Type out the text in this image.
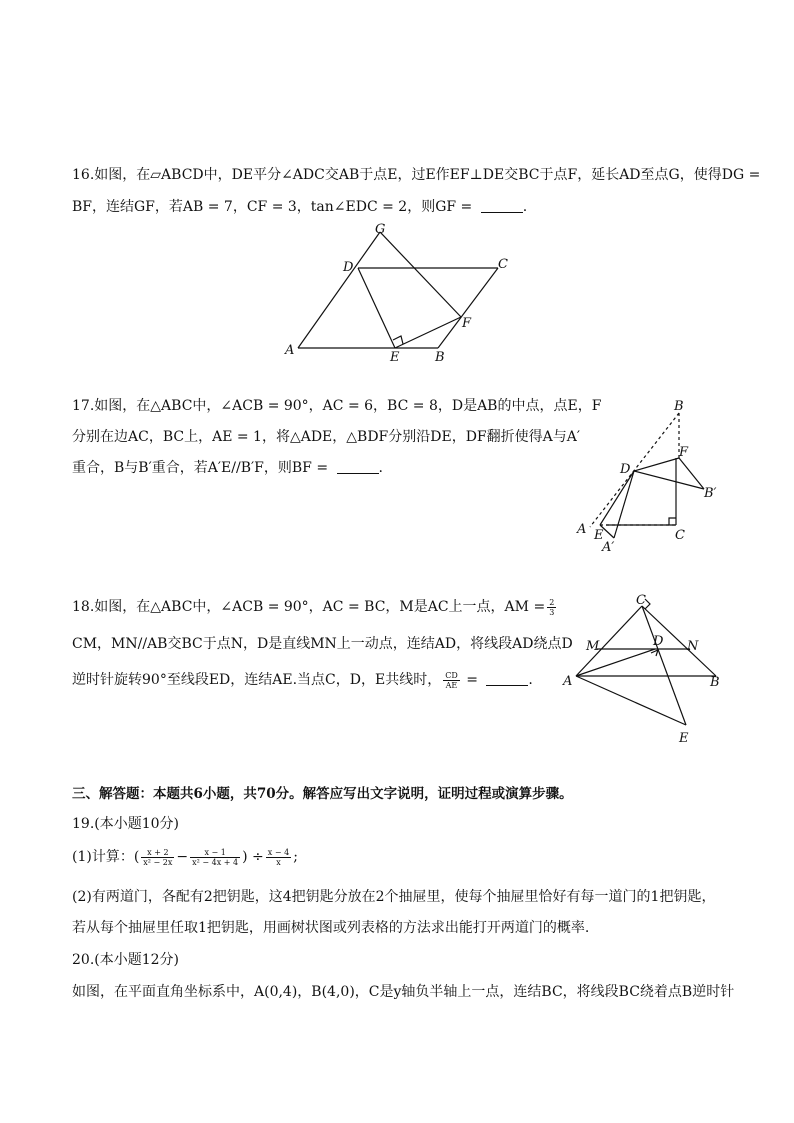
16.如图，在▱ABCD中，DE平分∠ADC交AB于点E，过E作EF⊥DE交BC于点F，延长AD至点G，使得DG =
BF，连结GF，若AB = 7，CF = 3，tan∠EDC = 2，则GF =	.
G
D	C
F
A	E	B
17.如图，在△ABC中，∠ACB = 90°，AC = 6，BC = 8，D是AB的中点，点E，F
分别在边AC，BC上，AE = 1，将△ADE，△BDF分别沿DE，DF翻折使得A与A′
重合，B与B′重合，若A′E//B′F，则BF =	.
B
D
F
B′
A E	C
A′
18.如图，在△ABC中，∠ACB = 90°，AC = BC，M是AC上一点，AM = $\frac{2}{3}$
CM，MN//AB交BC于点N，D是直线MN上一动点，连结AD，将线段AD绕点D
逆时针旋转90°至线段ED，连结AE.当点C，D，E共线时， $\frac{CD}{AE}$ =	.
C
M	D N
A	B
E
三、解答题：本题共6小题，共70分。解答应写出文字说明，证明过程或演算步骤。
19.(本小题10分)
(1)计算：( $\frac{x + 2}{\text{x² − 2x}} - \frac{x - 1}{\text{x² − 4x + 4}}$ ) ÷ $\frac{x - 4}{x}$ ;
(2)有两道门，各配有2把钥匙，这4把钥匙分放在2个抽屉里，使每个抽屉里恰好有每一道门的1把钥匙，
若从每个抽屉里任取1把钥匙，用画树状图或列表格的方法求出能打开两道门的概率.
20.(本小题12分)
如图，在平面直角坐标系中，A(0,4)，B(4,0)，C是y轴负半轴上一点，连结BC，将线段BC绕着点B逆时针
